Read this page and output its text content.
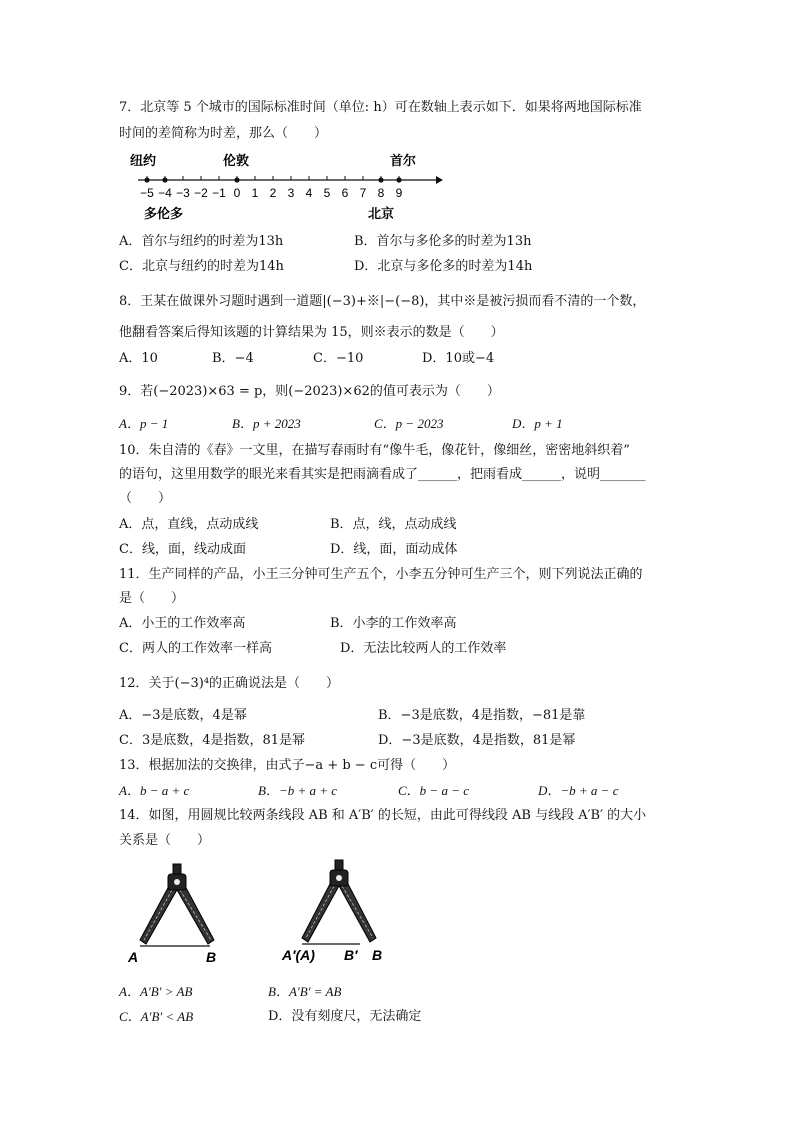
7．北京等 5 个城市的国际标准时间（单位: h）可在数轴上表示如下．如果将两地国际标准
时间的差简称为时差，那么（　　）
纽约	伦敦	首尔
−5 −4 −3 −2 −1 0 1 2 3 4 5 6 7 8 9
多伦多	北京
A．首尔与纽约的时差为13h	B．首尔与多伦多的时差为13h
C．北京与纽约的时差为14h	D．北京与多伦多的时差为14h
8．王某在做课外习题时遇到一道题|(−3)+※|−(−8)，其中※是被污损而看不清的一个数，
他翻看答案后得知该题的计算结果为 15，则※表示的数是（　　）
A．10	B．−4	C．−10	D．10或−4
9．若(−2023)×63 = p，则(−2023)×62的值可表示为（　　）
A．p − 1	B．p + 2023	C．p − 2023	D．p + 1
10．朱自清的《春》一文里，在描写春雨时有“像牛毛，像花针，像细丝，密密地斜织着”
的语句，这里用数学的眼光来看其实是把雨滴看成了______，把雨看成______，说明_______
（　　）
A．点，直线，点动成线	B．点，线，点动成线
C．线，面，线动成面	D．线，面，面动成体
11．生产同样的产品，小王三分钟可生产五个，小李五分钟可生产三个，则下列说法正确的
是（　　）
A．小王的工作效率高	B．小李的工作效率高
C．两人的工作效率一样高	D．无法比较两人的工作效率
12．关于(−3)⁴的正确说法是（　　）
A．−3是底数，4是幂	B．−3是底数，4是指数，−81是靠
C．3是底数，4是指数，81是幂	D．−3是底数，4是指数，81是幂
13．根据加法的交换律，由式子−a + b − c可得（　　）
A．b − a + c	B．−b + a + c	C．b − a − c	D．−b + a − c
14．如图，用圆规比较两条线段 AB 和 A′B′ 的长短，由此可得线段 AB 与线段 A′B′ 的大小
关系是（　　）
A	B	A′(A) B′ B
A．A′B′ > AB	B．A′B′ = AB
C．A′B′ < AB	D．没有刻度尺，无法确定
